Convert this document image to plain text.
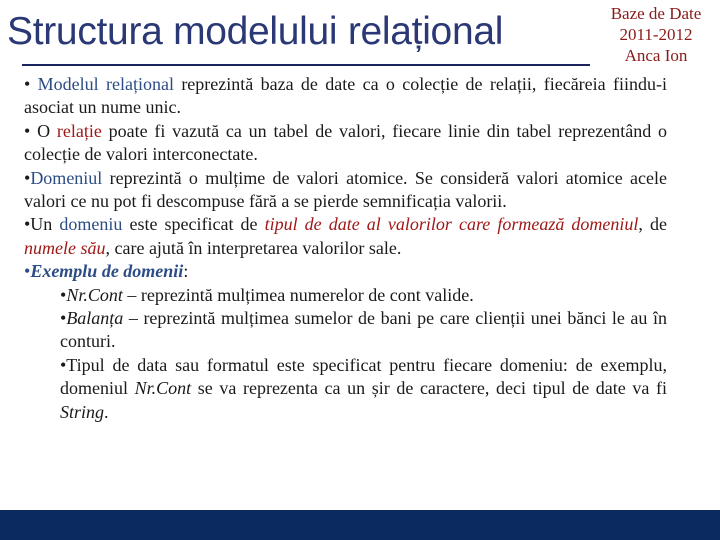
Structura modelului relațional	Baze de Date
2011-2012
Anca Ion

• Modelul relațional reprezintă baza de date ca o colecție de relații, fiecăreia fiindu-i asociat un nume unic.

• O relație poate fi vazută ca un tabel de valori, fiecare linie din tabel reprezentând o colecție de valori interconectate.

•Domeniul reprezintă o mulțime de valori atomice. Se consideră valori atomice acele valori ce nu pot fi descompuse fără a se pierde semnificația valorii.

•Un domeniu este specificat de tipul de date al valorilor care formează domeniul, de numele său, care ajută în interpretarea valorilor sale.

•Exemplu de domenii:

•Nr.Cont – reprezintă mulțimea numerelor de cont valide.

•Balanța – reprezintă mulțimea sumelor de bani pe care clienții unei bănci le au în conturi.

•Tipul de data sau formatul este specificat pentru fiecare domeniu: de exemplu, domeniul Nr.Cont se va reprezenta ca un șir de caractere, deci tipul de date va fi String.
